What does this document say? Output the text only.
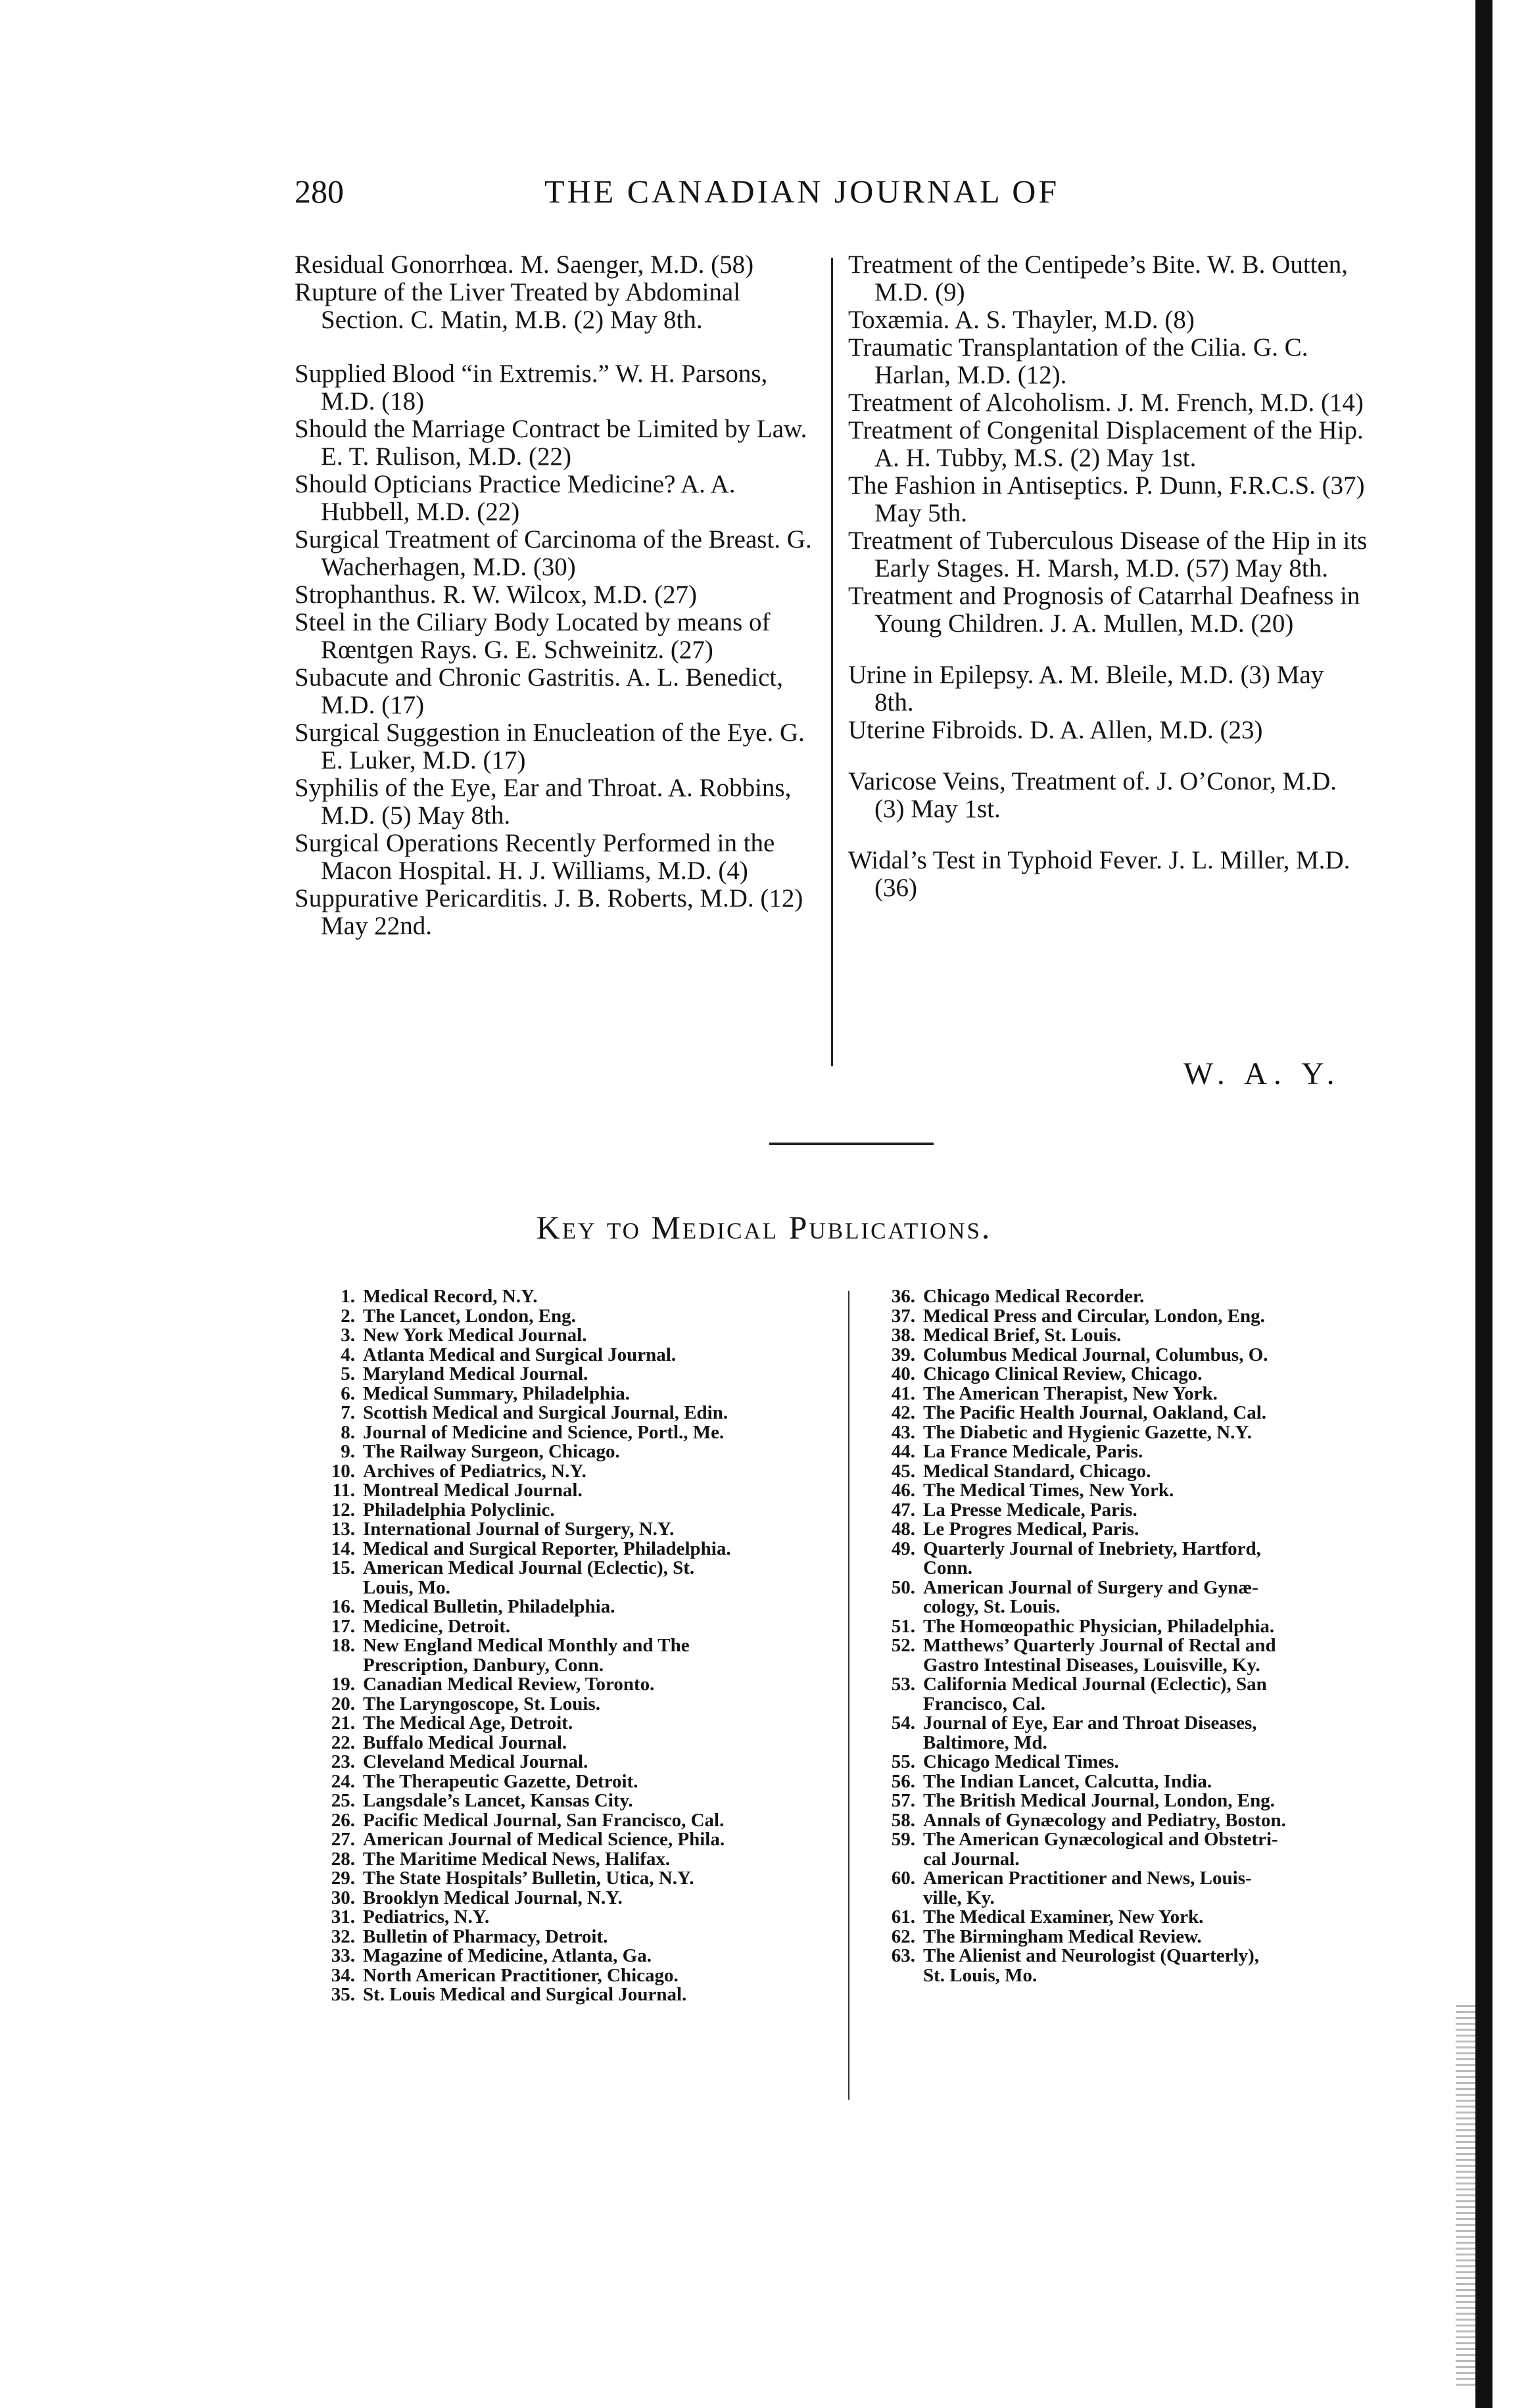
280	THE CANADIAN JOURNAL OF
Residual Gonorrhœa. M. Saenger, M.D. (58)
Rupture of the Liver Treated by Abdominal Section. C. Matin, M.B. (2) May 8th.
Supplied Blood “in Extremis.” W. H. Parsons, M.D. (18)
Should the Marriage Contract be Limited by Law. E. T. Rulison, M.D. (22)
Should Opticians Practice Medicine? A. A. Hubbell, M.D. (22)
Surgical Treatment of Carcinoma of the Breast. G. Wacherhagen, M.D. (30)
Strophanthus. R. W. Wilcox, M.D. (27)
Steel in the Ciliary Body Located by means of Rœntgen Rays. G. E. Schweinitz. (27)
Subacute and Chronic Gastritis. A. L. Benedict, M.D. (17)
Surgical Suggestion in Enucleation of the Eye. G. E. Luker, M.D. (17)
Syphilis of the Eye, Ear and Throat. A. Robbins, M.D. (5) May 8th.
Surgical Operations Recently Performed in the Macon Hospital. H. J. Williams, M.D. (4)
Suppurative Pericarditis. J. B. Roberts, M.D. (12) May 22nd.
Treatment of the Centipede’s Bite. W. B. Outten, M.D. (9)
Toxæmia. A. S. Thayler, M.D. (8)
Traumatic Transplantation of the Cilia. G. C. Harlan, M.D. (12).
Treatment of Alcoholism. J. M. French, M.D. (14)
Treatment of Congenital Displacement of the Hip. A. H. Tubby, M.S. (2) May 1st.
The Fashion in Antiseptics. P. Dunn, F.R.C.S. (37) May 5th.
Treatment of Tuberculous Disease of the Hip in its Early Stages. H. Marsh, M.D. (57) May 8th.
Treatment and Prognosis of Catarrhal Deafness in Young Children. J. A. Mullen, M.D. (20)
Urine in Epilepsy. A. M. Bleile, M.D. (3) May 8th.
Uterine Fibroids. D. A. Allen, M.D. (23)
Varicose Veins, Treatment of. J. O’Conor, M.D. (3) May 1st.
Widal’s Test in Typhoid Fever. J. L. Miller, M.D. (36)
W. A. Y.
Key to Medical Publications.
1. Medical Record, N.Y.
2. The Lancet, London, Eng.
3. New York Medical Journal.
4. Atlanta Medical and Surgical Journal.
5. Maryland Medical Journal.
6. Medical Summary, Philadelphia.
7. Scottish Medical and Surgical Journal, Edin.
8. Journal of Medicine and Science, Portl., Me.
9. The Railway Surgeon, Chicago.
10. Archives of Pediatrics, N.Y.
11. Montreal Medical Journal.
12. Philadelphia Polyclinic.
13. International Journal of Surgery, N.Y.
14. Medical and Surgical Reporter, Philadelphia.
15. American Medical Journal (Eclectic), St.
Louis, Mo.
16. Medical Bulletin, Philadelphia.
17. Medicine, Detroit.
18. New England Medical Monthly and The
Prescription, Danbury, Conn.
19. Canadian Medical Review, Toronto.
20. The Laryngoscope, St. Louis.
21. The Medical Age, Detroit.
22. Buffalo Medical Journal.
23. Cleveland Medical Journal.
24. The Therapeutic Gazette, Detroit.
25. Langsdale’s Lancet, Kansas City.
26. Pacific Medical Journal, San Francisco, Cal.
27. American Journal of Medical Science, Phila.
28. The Maritime Medical News, Halifax.
29. The State Hospitals’ Bulletin, Utica, N.Y.
30. Brooklyn Medical Journal, N.Y.
31. Pediatrics, N.Y.
32. Bulletin of Pharmacy, Detroit.
33. Magazine of Medicine, Atlanta, Ga.
34. North American Practitioner, Chicago.
35. St. Louis Medical and Surgical Journal.
36. Chicago Medical Recorder.
37. Medical Press and Circular, London, Eng.
38. Medical Brief, St. Louis.
39. Columbus Medical Journal, Columbus, O.
40. Chicago Clinical Review, Chicago.
41. The American Therapist, New York.
42. The Pacific Health Journal, Oakland, Cal.
43. The Diabetic and Hygienic Gazette, N.Y.
44. La France Medicale, Paris.
45. Medical Standard, Chicago.
46. The Medical Times, New York.
47. La Presse Medicale, Paris.
48. Le Progres Medical, Paris.
49. Quarterly Journal of Inebriety, Hartford,
Conn.
50. American Journal of Surgery and Gynæ-
cology, St. Louis.
51. The Homœopathic Physician, Philadelphia.
52. Matthews’ Quarterly Journal of Rectal and
Gastro Intestinal Diseases, Louisville, Ky.
53. California Medical Journal (Eclectic), San
Francisco, Cal.
54. Journal of Eye, Ear and Throat Diseases,
Baltimore, Md.
55. Chicago Medical Times.
56. The Indian Lancet, Calcutta, India.
57. The British Medical Journal, London, Eng.
58. Annals of Gynæcology and Pediatry, Boston.
59. The American Gynæcological and Obstetri-
cal Journal.
60. American Practitioner and News, Louis-
ville, Ky.
61. The Medical Examiner, New York.
62. The Birmingham Medical Review.
63. The Alienist and Neurologist (Quarterly),
St. Louis, Mo.
